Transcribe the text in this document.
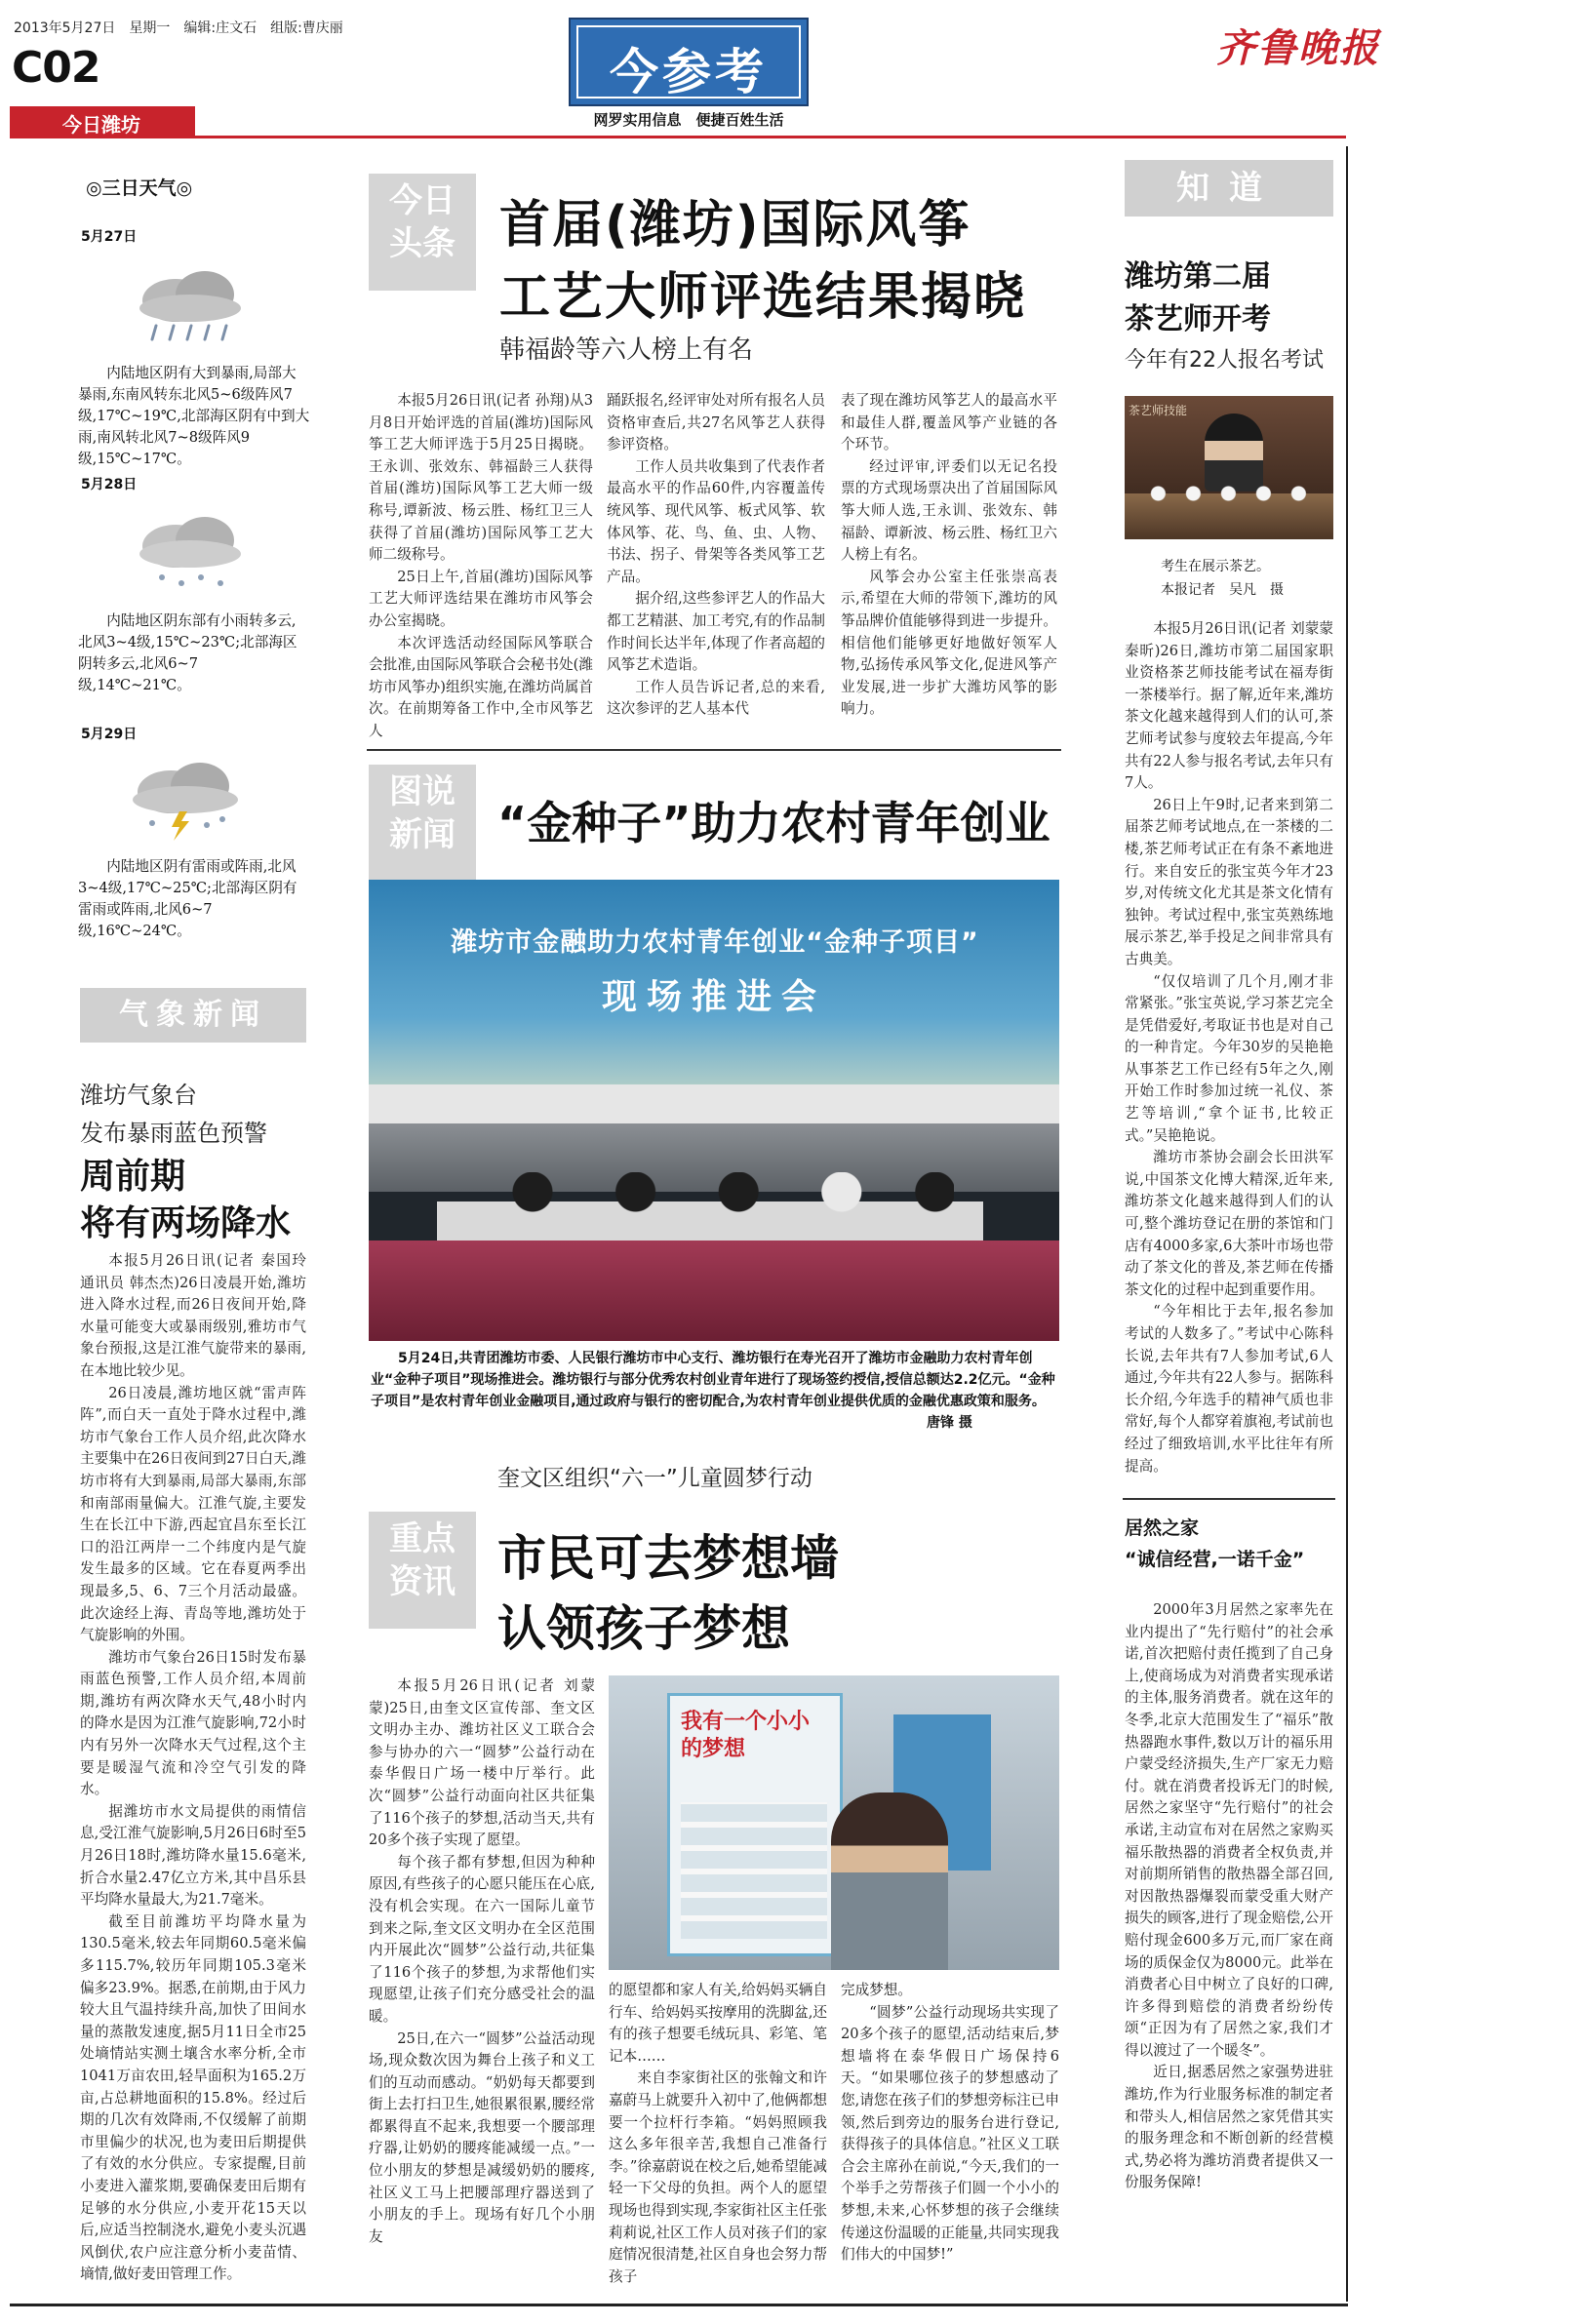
2013年5月27日　星期一　编辑:庄文石　组版:曹庆丽
C02
今日潍坊
今参考
网罗实用信息　便捷百姓生活
齐鲁晚报
◎三日天气◎
5月27日
内陆地区阴有大到暴雨,局部大暴雨,东南风转东北风5~6级阵风7级,17℃~19℃,北部海区阴有中到大雨,南风转北风7~8级阵风9级,15℃~17℃。
5月28日
内陆地区阴东部有小雨转多云,北风3~4级,15℃~23℃;北部海区阴转多云,北风6~7级,14℃~21℃。
5月29日
内陆地区阴有雷雨或阵雨,北风3~4级,17℃~25℃;北部海区阴有雷雨或阵雨,北风6~7级,16℃~24℃。
气象新闻
潍坊气象台
发布暴雨蓝色预警
周前期
将有两场降水

本报5月26日讯(记者 秦国玲 通讯员 韩杰杰)26日凌晨开始,潍坊进入降水过程,而26日夜间开始,降水量可能变大或暴雨级别,雅坊市气象台预报,这是江淮气旋带来的暴雨,在本地比较少见。

26日凌晨,潍坊地区就“雷声阵阵”,而白天一直处于降水过程中,潍坊市气象台工作人员介绍,此次降水主要集中在26日夜间到27日白天,潍坊市将有大到暴雨,局部大暴雨,东部和南部雨量偏大。江淮气旋,主要发生在长江中下游,西起宜昌东至长江口的沿江两岸一二个纬度内是气旋发生最多的区域。它在春夏两季出现最多,5、6、7三个月活动最盛。此次途经上海、青岛等地,潍坊处于气旋影响的外围。

潍坊市气象台26日15时发布暴雨蓝色预警,工作人员介绍,本周前期,潍坊有两次降水天气,48小时内的降水是因为江淮气旋影响,72小时内有另外一次降水天气过程,这个主要是暖湿气流和冷空气引发的降水。

据潍坊市水文局提供的雨情信息,受江淮气旋影响,5月26日6时至5月26日18时,潍坊降水量15.6毫米,折合水量2.47亿立方米,其中昌乐县平均降水量最大,为21.7毫米。

截至目前潍坊平均降水量为130.5毫米,较去年同期60.5毫米偏多115.7%,较历年同期105.3毫米偏多23.9%。据悉,在前期,由于风力较大且气温持续升高,加快了田间水量的蒸散发速度,据5月11日全市25处墒情站实测土壤含水率分析,全市1041万亩农田,轻旱面积为165.2万亩,占总耕地面积的15.8%。经过后期的几次有效降雨,不仅缓解了前期市里偏少的状况,也为麦田后期提供了有效的水分供应。专家提醒,目前小麦进入灌浆期,要确保麦田后期有足够的水分供应,小麦开花15天以后,应适当控制浇水,避免小麦头沉遇风倒伏,农户应注意分析小麦苗情、墒情,做好麦田管理工作。

今日
头条 首届(潍坊)国际风筝
工艺大师评选结果揭晓
韩福龄等六人榜上有名

本报5月26日讯(记者 孙翔)从3月8日开始评选的首届(潍坊)国际风筝工艺大师评选于5月25日揭晓。王永训、张效东、韩福龄三人获得首届(潍坊)国际风筝工艺大师一级称号,谭新波、杨云胜、杨红卫三人获得了首届(潍坊)国际风筝工艺大师二级称号。

25日上午,首届(潍坊)国际风筝工艺大师评选结果在潍坊市风筝会办公室揭晓。

本次评选活动经国际风筝联合会批准,由国际风筝联合会秘书处(潍坊市风筝办)组织实施,在潍坊尚属首次。在前期筹备工作中,全市风筝艺人

踊跃报名,经评审处对所有报名人员资格审查后,共27名风筝艺人获得参评资格。

工作人员共收集到了代表作者最高水平的作品60件,内容覆盖传统风筝、现代风筝、板式风筝、软体风筝、花、鸟、鱼、虫、人物、书法、拐子、骨架等各类风筝工艺产品。

据介绍,这些参评艺人的作品大都工艺精湛、加工考究,有的作品制作时间长达半年,体现了作者高超的风筝艺术造诣。

工作人员告诉记者,总的来看,这次参评的艺人基本代

表了现在潍坊风筝艺人的最高水平和最佳人群,覆盖风筝产业链的各个环节。

经过评审,评委们以无记名投票的方式现场票决出了首届国际风筝大师人选,王永训、张效东、韩福龄、谭新波、杨云胜、杨红卫六人榜上有名。

风筝会办公室主任张崇高表示,希望在大师的带领下,潍坊的风筝品牌价值能够得到进一步提升。相信他们能够更好地做好领军人物,弘扬传承风筝文化,促进风筝产业发展,进一步扩大潍坊风筝的影响力。

图说
新闻 “金种子”助力农村青年创业
潍坊市金融助力农村青年创业“金种子项目”
现场推进会
5月24日,共青团潍坊市委、人民银行潍坊市中心支行、潍坊银行在寿光召开了潍坊市金融助力农村青年创业“金种子项目”现场推进会。潍坊银行与部分优秀农村创业青年进行了现场签约授信,授信总额达2.2亿元。“金种子项目”是农村青年创业金融项目,通过政府与银行的密切配合,为农村青年创业提供优质的金融优惠政策和服务。
唐锋 摄
奎文区组织“六一”儿童圆梦行动
重点
资讯 市民可去梦想墙
认领孩子梦想

本报5月26日讯(记者 刘蒙蒙)25日,由奎文区宣传部、奎文区文明办主办、潍坊社区义工联合会参与协办的六一“圆梦”公益行动在泰华假日广场一楼中厅举行。此次“圆梦”公益行动面向社区共征集了116个孩子的梦想,活动当天,共有20多个孩子实现了愿望。

每个孩子都有梦想,但因为种种原因,有些孩子的心愿只能压在心底,没有机会实现。在六一国际儿童节到来之际,奎文区文明办在全区范围内开展此次“圆梦”公益行动,共征集了116个孩子的梦想,为求帮他们实现愿望,让孩子们充分感受社会的温暖。

25日,在六一“圆梦”公益活动现场,现众数次因为舞台上孩子和义工们的互动而感动。“奶奶每天都要到街上去打扫卫生,她很累很累,腰经常都累得直不起来,我想要一个腰部理疗器,让奶奶的腰疼能减缓一点。”一位小朋友的梦想是减缓奶奶的腰疼,社区义工马上把腰部理疗器送到了小朋友的手上。现场有好几个小朋友

我有一个小小的梦想

的愿望都和家人有关,给妈妈买辆自行车、给妈妈买按摩用的洗脚盆,还有的孩子想要毛绒玩具、彩笔、笔记本……

来自李家街社区的张翰文和许嘉蔚马上就要升入初中了,他俩都想要一个拉杆行李箱。“妈妈照顾我这么多年很辛苦,我想自己准备行李。”徐嘉蔚说在校之后,她希望能减轻一下父母的负担。两个人的愿望现场也得到实现,李家街社区主任张莉莉说,社区工作人员对孩子们的家庭情况很清楚,社区自身也会努力帮孩子

完成梦想。

“圆梦”公益行动现场共实现了20多个孩子的愿望,活动结束后,梦想墙将在泰华假日广场保持6天。“如果哪位孩子的梦想感动了您,请您在孩子们的梦想旁标注已申领,然后到旁边的服务台进行登记,获得孩子的具体信息。”社区义工联合会主席孙在前说,“今天,我们的一个举手之劳帮孩子们圆一个小小的梦想,未来,心怀梦想的孩子会继续传递这份温暖的正能量,共同实现我们伟大的中国梦!”

知道
潍坊第二届
茶艺师开考
今年有22人报名考试
茶艺师技能
考生在展示茶艺。
本报记者　吴凡　摄

本报5月26日讯(记者 刘蒙蒙 秦昕)26日,潍坊市第二届国家职业资格茶艺师技能考试在福寿街一茶楼举行。据了解,近年来,潍坊茶文化越来越得到人们的认可,茶艺师考试参与度较去年提高,今年共有22人参与报名考试,去年只有7人。

26日上午9时,记者来到第二届茶艺师考试地点,在一茶楼的二楼,茶艺师考试正在有条不紊地进行。来自安丘的张宝英今年才23岁,对传统文化尤其是茶文化情有独钟。考试过程中,张宝英熟练地展示茶艺,举手投足之间非常具有古典美。

“仅仅培训了几个月,刚才非常紧张。”张宝英说,学习茶艺完全是凭借爱好,考取证书也是对自己的一种肯定。今年30岁的吴艳艳从事茶艺工作已经有5年之久,刚开始工作时参加过统一礼仪、茶艺等培训,“拿个证书,比较正式。”吴艳艳说。

潍坊市茶协会副会长田洪军说,中国茶文化博大精深,近年来,潍坊茶文化越来越得到人们的认可,整个潍坊登记在册的茶馆和门店有4000多家,6大茶叶市场也带动了茶文化的普及,茶艺师在传播茶文化的过程中起到重要作用。

“今年相比于去年,报名参加考试的人数多了。”考试中心陈科长说,去年共有7人参加考试,6人通过,今年共有22人参与。据陈科长介绍,今年选手的精神气质也非常好,每个人都穿着旗袍,考试前也经过了细致培训,水平比往年有所提高。

居然之家
“诚信经营,一诺千金”

2000年3月居然之家率先在业内提出了“先行赔付”的社会承诺,首次把赔付责任揽到了自己身上,使商场成为对消费者实现承诺的主体,服务消费者。就在这年的冬季,北京大范围发生了“福乐”散热器跑水事件,数以万计的福乐用户蒙受经济损失,生产厂家无力赔付。就在消费者投诉无门的时候,居然之家坚守“先行赔付”的社会承诺,主动宣布对在居然之家购买福乐散热器的消费者全权负责,并对前期所销售的散热器全部召回,对因散热器爆裂而蒙受重大财产损失的顾客,进行了现金赔偿,公开赔付现金600多万元,而厂家在商场的质保金仅为8000元。此举在消费者心目中树立了良好的口碑,许多得到赔偿的消费者纷纷传颂“正因为有了居然之家,我们才得以渡过了一个暖冬”。

近日,据悉居然之家强势进驻潍坊,作为行业服务标准的制定者和带头人,相信居然之家凭借其实的服务理念和不断创新的经营模式,势必将为潍坊消费者提供又一份服务保障!
